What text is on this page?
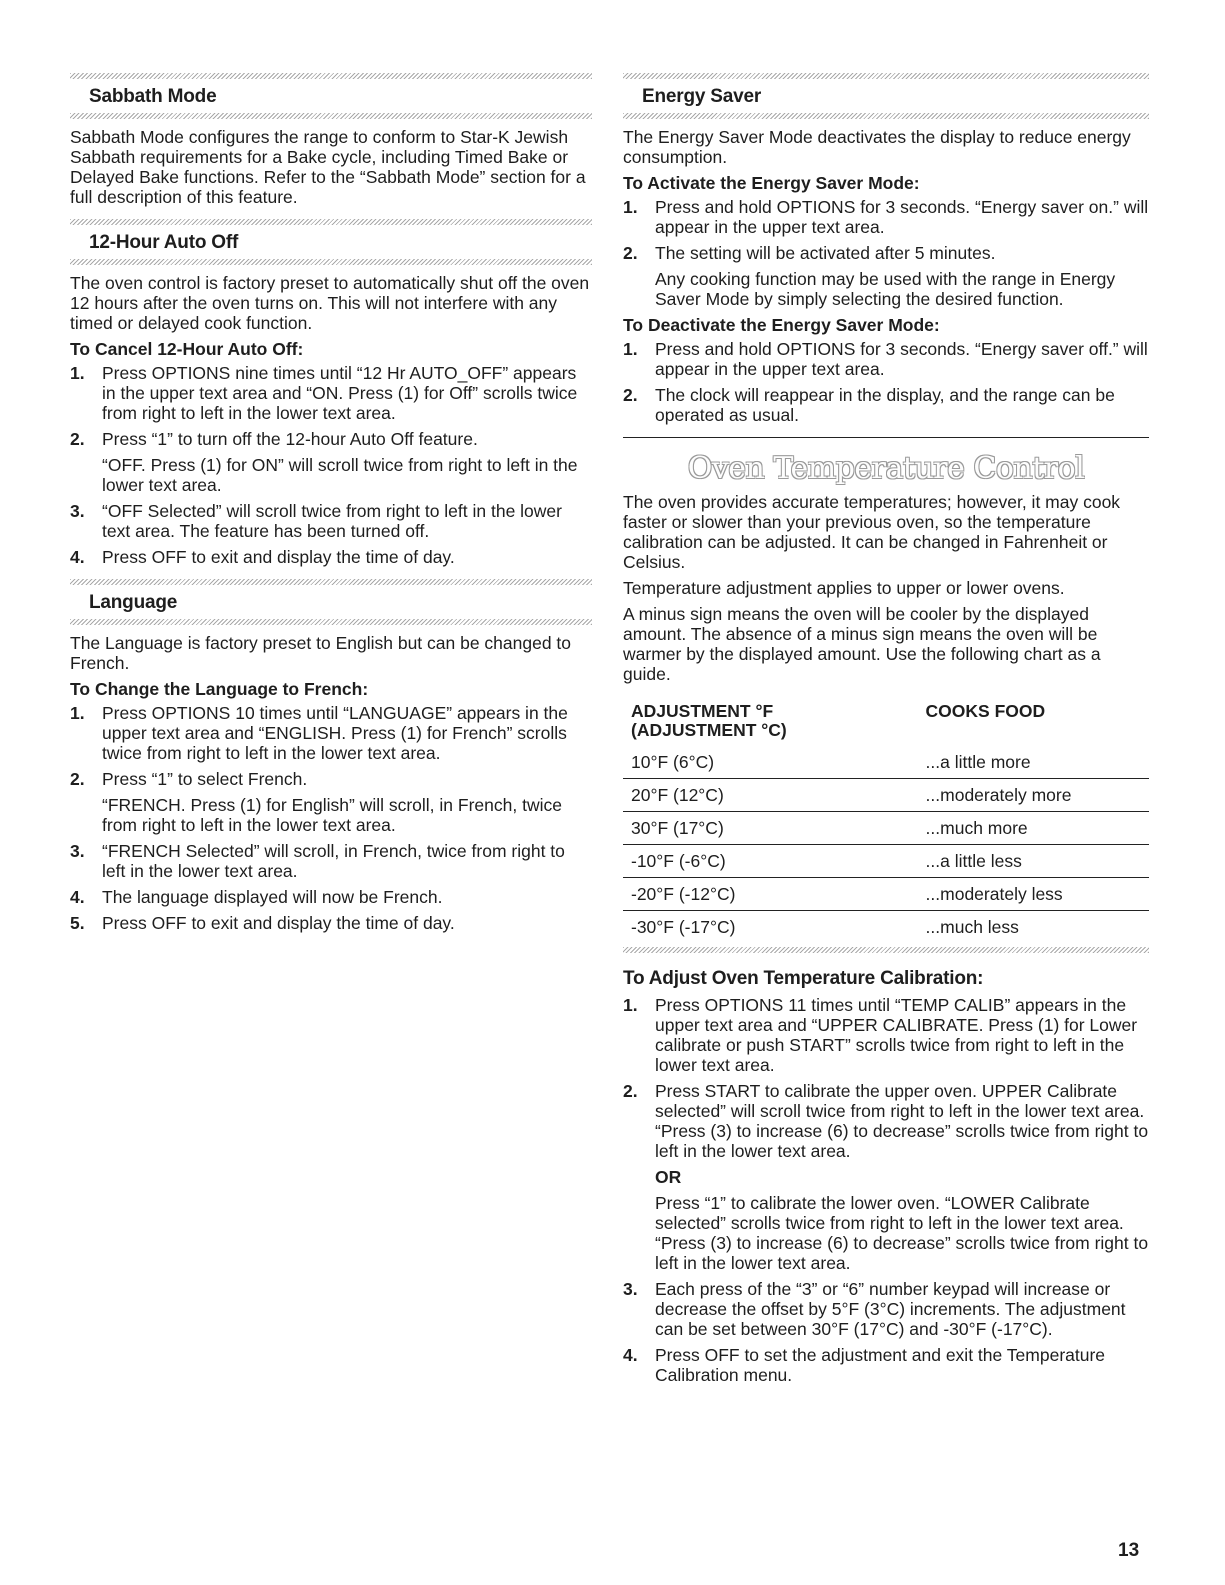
Sabbath Mode

Sabbath Mode configures the range to conform to Star-K Jewish Sabbath requirements for a Bake cycle, including Timed Bake or Delayed Bake functions. Refer to the “Sabbath Mode” section for a full description of this feature.

12-Hour Auto Off

The oven control is factory preset to automatically shut off the oven 12 hours after the oven turns on. This will not interfere with any timed or delayed cook function.

To Cancel 12-Hour Auto Off:
1. Press OPTIONS nine times until “12 Hr AUTO_OFF” appears in the upper text area and “ON. Press (1) for Off” scrolls twice from right to left in the lower text area.
2. Press “1” to turn off the 12-hour Auto Off feature.
“OFF. Press (1) for ON” will scroll twice from right to left in the lower text area.
3. “OFF Selected” will scroll twice from right to left in the lower text area. The feature has been turned off.
4. Press OFF to exit and display the time of day.
Language

The Language is factory preset to English but can be changed to French.

To Change the Language to French:
1. Press OPTIONS 10 times until “LANGUAGE” appears in the upper text area and “ENGLISH. Press (1) for French” scrolls twice from right to left in the lower text area.
2. Press “1” to select French.
“FRENCH. Press (1) for English” will scroll, in French, twice from right to left in the lower text area.
3. “FRENCH Selected” will scroll, in French, twice from right to left in the lower text area.
4. The language displayed will now be French.
5. Press OFF to exit and display the time of day.
Energy Saver

The Energy Saver Mode deactivates the display to reduce energy consumption.

To Activate the Energy Saver Mode:
1. Press and hold OPTIONS for 3 seconds. “Energy saver on.” will appear in the upper text area.
2. The setting will be activated after 5 minutes.
Any cooking function may be used with the range in Energy Saver Mode by simply selecting the desired function.
To Deactivate the Energy Saver Mode:
1. Press and hold OPTIONS for 3 seconds. “Energy saver off.” will appear in the upper text area.
2. The clock will reappear in the display, and the range can be operated as usual.
Oven Temperature Control

The oven provides accurate temperatures; however, it may cook faster or slower than your previous oven, so the temperature calibration can be adjusted. It can be changed in Fahrenheit or Celsius.

Temperature adjustment applies to upper or lower ovens.

A minus sign means the oven will be cooler by the displayed amount. The absence of a minus sign means the oven will be warmer by the displayed amount. Use the following chart as a guide.

ADJUSTMENT °F
(ADJUSTMENT °C)	COOKS FOOD
10°F (6°C)	...a little more
20°F (12°C)	...moderately more
30°F (17°C)	...much more
-10°F (-6°C)	...a little less
-20°F (-12°C)	...moderately less
-30°F (-17°C)	...much less
To Adjust Oven Temperature Calibration:
1. Press OPTIONS 11 times until “TEMP CALIB” appears in the upper text area and “UPPER CALIBRATE. Press (1) for Lower calibrate or push START” scrolls twice from right to left in the lower text area.
2. Press START to calibrate the upper oven. UPPER Calibrate selected” will scroll twice from right to left in the lower text area. “Press (3) to increase (6) to decrease” scrolls twice from right to left in the lower text area.
OR
Press “1” to calibrate the lower oven. “LOWER Calibrate selected” scrolls twice from right to left in the lower text area. “Press (3) to increase (6) to decrease” scrolls twice from right to left in the lower text area.
3. Each press of the “3” or “6” number keypad will increase or decrease the offset by 5°F (3°C) increments. The adjustment can be set between 30°F (17°C) and -30°F (-17°C).
4. Press OFF to set the adjustment and exit the Temperature Calibration menu.
13
